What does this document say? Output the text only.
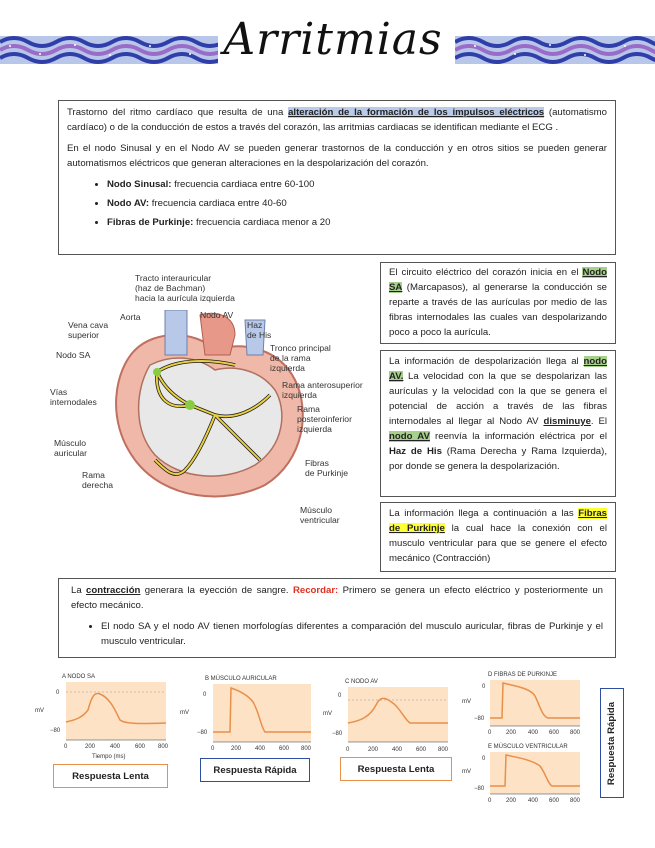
Arritmias

Trastorno del ritmo cardíaco que resulta de una alteración de la formación de los impulsos eléctricos (automatismo cardíaco) o de la conducción de estos a través del corazón, las arritmias cardiacas se identifican mediante el ECG .

En el nodo Sinusal y en el Nodo AV se pueden generar trastornos de la conducción y en otros sitios se pueden generar automatismos eléctricos que generan alteraciones en la despolarización del corazón.

• Nodo Sinusal: frecuencia cardiaca entre 60-100
• Nodo AV: frecuencia cardiaca entre 40-60
• Fibras de Purkinje: frecuencia cardiaca menor a 20
Tracto interauricular
(haz de Bachman)
hacia la aurícula izquierda
Aorta	Nodo AV
Haz
de His
Vena cava
superior
Nodo SA
Tronco principal
de la rama
izquierda
Vías
internodales
Rama anterosuperior
izquierda
Rama
posteroinferior
izquierda
Músculo
auricular
Rama
derecha
Fibras
de Purkinje
Músculo
ventricular

El circuito eléctrico del corazón inicia en el Nodo SA (Marcapasos), al generarse la conducción se reparte a través de las aurículas por medio de las fibras internodales las cuales van despolarizando poco a poco la aurícula.

La información de despolarización llega al nodo AV. La velocidad con la que se despolarizan las aurículas y la velocidad con la que se genera el potencial de acción a través de las fibras internodales al llegar al Nodo AV disminuye. El nodo AV reenvía la información eléctrica por el Haz de His (Rama Derecha y Rama Izquierda), por donde se genera la despolarización.

La información llega a continuación a las Fibras de Purkinje la cual hace la conexión con el musculo ventricular para que se genere el efecto mecánico (Contracción)

La contracción generara la eyección de sangre. Recordar: Primero se genera un efecto eléctrico y posteriormente un efecto mecánico.

• El nodo SA y el nodo AV tienen morfologías diferentes a comparación del musculo auricular, fibras de Purkinje y el musculo ventricular.
A NODO SA
mV
0
−80
0	200 400 600 800
Tiempo (ms)
B MÚSCULO AURICULAR
mV
0
−80
0	200 400 600 800
C NODO AV
mV
0
−80
0	200 400 600 800
D FIBRAS DE PURKINJE
mV
0
−80
0 200 400 600 800
E MÚSCULO VENTRICULAR
mV
0
−80
0 200 400 600 800
Respuesta Lenta
Respuesta Rápida	Respuesta Lenta	Respuesta Rápida
